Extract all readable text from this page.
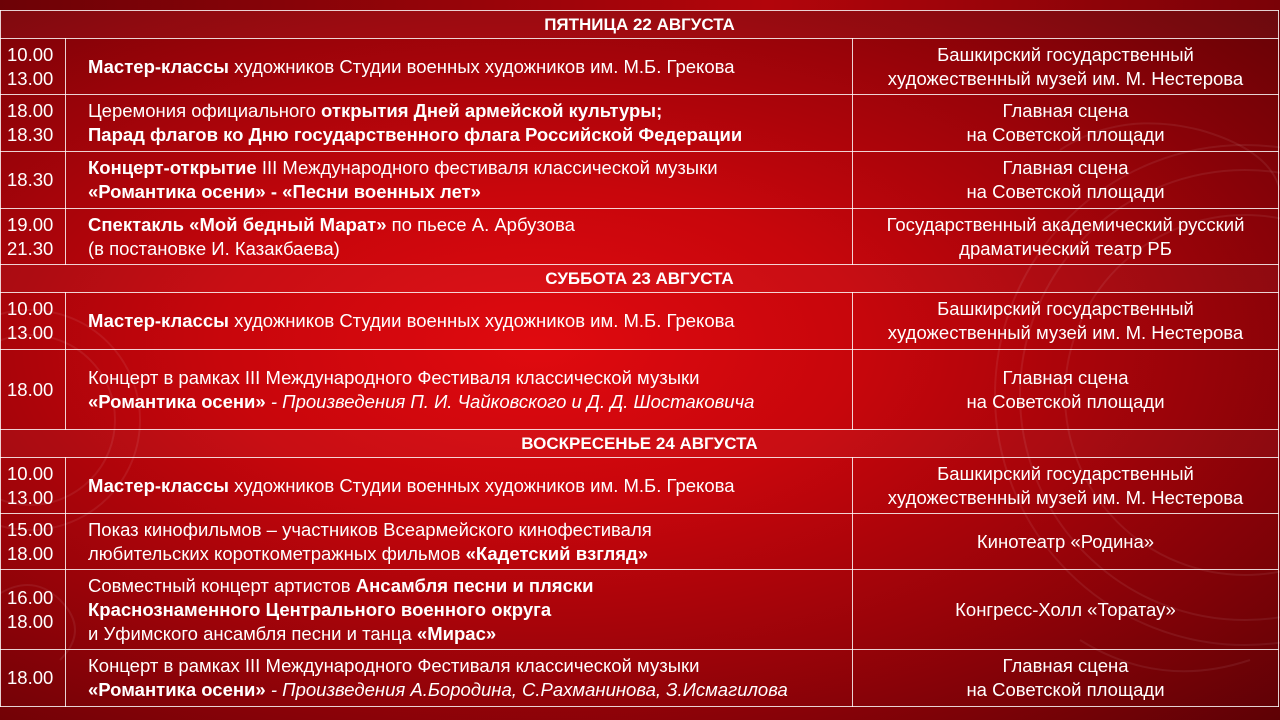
ПЯТНИЦА 22 АВГУСТА		

10.00
13.00	Мастер-классы художников Студии военных художников им. М.Б. Грекова	Башкирский государственный
художественный музей им. М. Нестерова

18.00
18.30	Церемония официального открытия Дней армейской культуры;
Парад флагов ко Дню государственного флага Российской Федерации	Главная сцена
на Советской площади

18.30	Концерт-открытие III Международного фестиваля классической музыки
«Романтика осени» - «Песни военных лет»	Главная сцена
на Советской площади

19.00
21.30	Спектакль «Мой бедный Марат» по пьесе А. Арбузова
(в постановке И. Казакбаева)	Государственный академический русский
драматический театр РБ

СУББОТА 23 АВГУСТА		

10.00
13.00	Мастер-классы художников Студии военных художников им. М.Б. Грекова	Башкирский государственный
художественный музей им. М. Нестерова

18.00	Концерт в рамках III Международного Фестиваля классической музыки
«Романтика осени» - Произведения П. И. Чайковского и Д. Д. Шостаковича	Главная сцена
на Советской площади

ВОСКРЕСЕНЬЕ 24 АВГУСТА		

10.00
13.00	Мастер-классы художников Студии военных художников им. М.Б. Грекова	Башкирский государственный
художественный музей им. М. Нестерова

15.00
18.00	Показ кинофильмов – участников Всеармейского кинофестиваля
любительских короткометражных фильмов «Кадетский взгляд»	Кинотеатр «Родина»

16.00
18.00	Совместный концерт артистов Ансамбля песни и пляски
Краснознаменного Центрального военного округа
и Уфимского ансамбля песни и танца «Мирас»	Конгресс-Холл «Торатау»

18.00	Концерт в рамках III Международного Фестиваля классической музыки
«Романтика осени» - Произведения А.Бородина, С.Рахманинова, З.Исмагилова	Главная сцена
на Советской площади
